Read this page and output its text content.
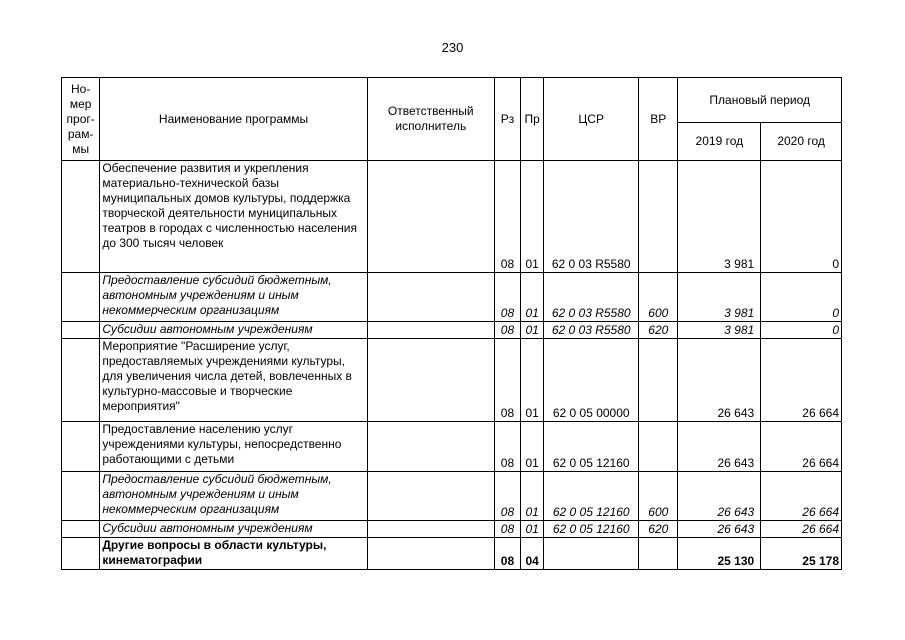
230
Но-
мер
прог-
рам-
мы	Наименование программы	Ответственный исполнитель	Рз	Пр	ЦСР	ВР	Плановый период	
							2019 год	2020 год
	Обеспечение развития и укрепления материально-технической базы муниципальных домов культуры, поддержка творческой деятельности муниципальных театров в городах с численностью населения до 300 тысяч человек		08	01	62 0 03 R5580		3 981	0
	Предоставление субсидий бюджетным, автономным учреждениям и иным некоммерческим организациям		08	01	62 0 03 R5580	600	3 981	0
	Субсидии автономным учреждениям		08	01	62 0 03 R5580	620	3 981	0
	Мероприятие "Расширение услуг, предоставляемых учреждениями культуры, для увеличения числа детей, вовлеченных в культурно-массовые и творческие мероприятия"		08	01	62 0 05 00000		26 643	26 664
	Предоставление населению услуг учреждениями культуры, непосредственно работающими с детьми		08	01	62 0 05 12160		26 643	26 664
	Предоставление субсидий бюджетным, автономным учреждениям и иным некоммерческим организациям		08	01	62 0 05 12160	600	26 643	26 664
	Субсидии автономным учреждениям		08	01	62 0 05 12160	620	26 643	26 664
	Другие вопросы в области культуры, кинематографии		08	04			25 130	25 178
